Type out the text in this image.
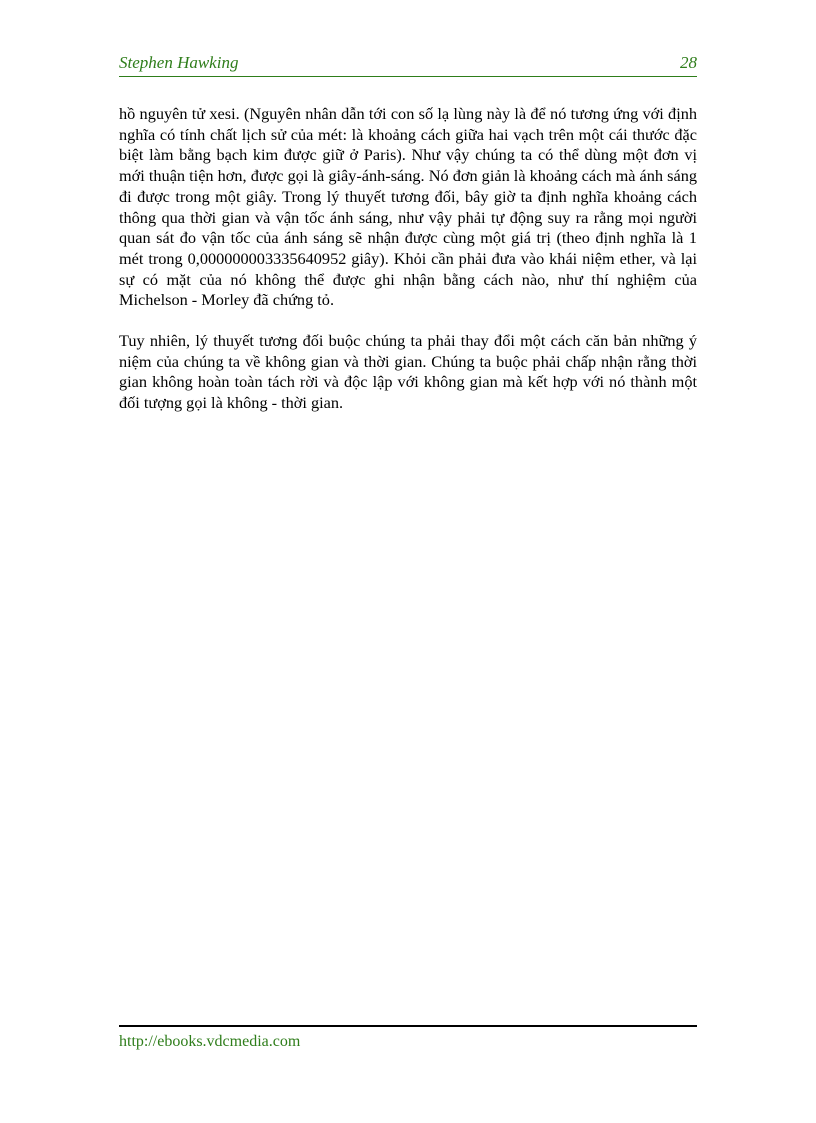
Stephen Hawking	28

hồ nguyên tử xesi. (Nguyên nhân dẫn tới con số lạ lùng này là để nó tương ứng với định nghĩa có tính chất lịch sử của mét: là khoảng cách giữa hai vạch trên một cái thước đặc biệt làm bằng bạch kim được giữ ở Paris). Như vậy chúng ta có thể dùng một đơn vị mới thuận tiện hơn, được gọi là giây-ánh-sáng. Nó đơn giản là khoảng cách mà ánh sáng đi được trong một giây. Trong lý thuyết tương đối, bây giờ ta định nghĩa khoảng cách thông qua thời gian và vận tốc ánh sáng, như vậy phải tự động suy ra rằng mọi người quan sát đo vận tốc của ánh sáng sẽ nhận được cùng một giá trị (theo định nghĩa là 1 mét trong 0,000000003335640952 giây). Khỏi cần phải đưa vào khái niệm ether, và lại sự có mặt của nó không thể được ghi nhận bằng cách nào, như thí nghiệm của Michelson - Morley đã chứng tỏ.

Tuy nhiên, lý thuyết tương đối buộc chúng ta phải thay đổi một cách căn bản những ý niệm của chúng ta về không gian và thời gian. Chúng ta buộc phải chấp nhận rằng thời gian không hoàn toàn tách rời và độc lập với không gian mà kết hợp với nó thành một đối tượng gọi là không - thời gian.

http://ebooks.vdcmedia.com
